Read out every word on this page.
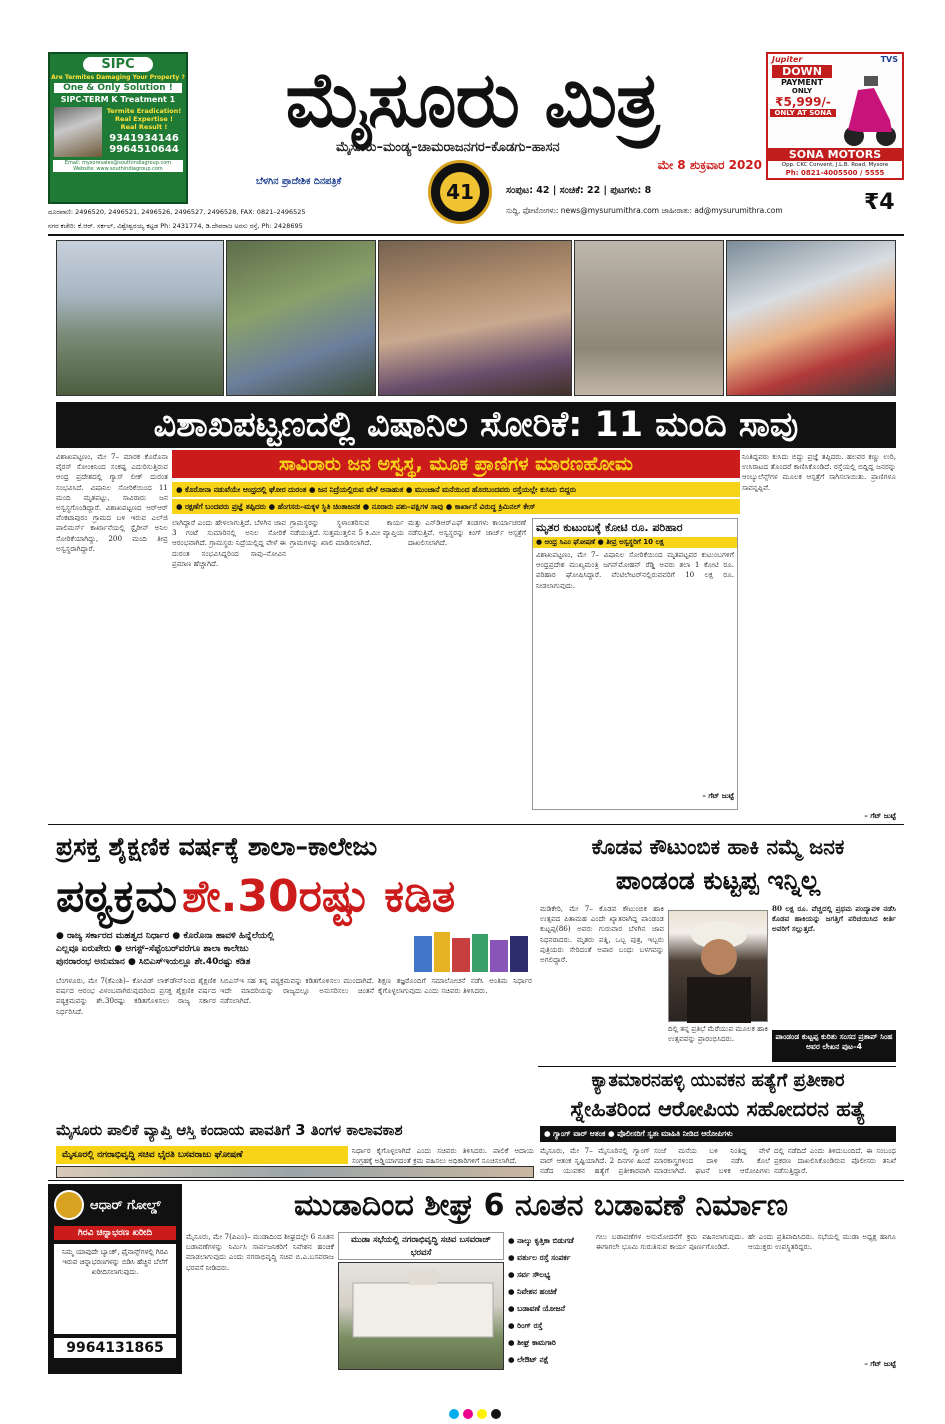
SIPC
Are Termites Damaging Your Property ?
One & Only Solution !
SIPC-TERM K Treatment 1
Termite Eradication!
Real Expertise !
Real Result !
9341934146
9964510644
Email: mysoresales@southindiagroup.com
Website: www.southindiagroup.com
ಮೈಸೂರು ಮಿತ್ರ
ಮೈಸೂರು–ಮಂಡ್ಯ–ಚಾಮರಾಜನಗರ–ಕೊಡಗು–ಹಾಸನ
ಮೇ 8 ಶುಕ್ರವಾರ 2020
ಬೆಳಗಿನ ಪ್ರಾದೇಶಿಕ ದಿನಪತ್ರಿಕೆ	41	ಸಂಪುಟ: 42 | ಸಂಚಿಕೆ: 22 | ಪುಟಗಳು: 8
ಸುದ್ದಿ, ಫೋಟೋಗಳು: news@mysurumithra.com ಜಾಹೀರಾತು: ad@mysurumithra.com	₹4
ದೂರವಾಣಿ: 2496520, 2496521, 2496526, 2496527, 2496528, FAX: 0821–2496525
ನಗರ ಕಚೇರಿ: ಕೆ.ಆರ್. ಸರ್ಕಲ್, ವಿಶ್ವೇಶ್ವರಯ್ಯ ಕಟ್ಟಡ Ph: 2431774, ಡಿ.ದೇವರಾಜ ಅರಸು ರಸ್ತೆ, Ph: 2428695
Jupiter	TVS
DOWN
PAYMENT
ONLY
₹5,999/-
ONLY AT SONA
SONA MOTORS
Opp. CKC Convent, J.L.B. Road, Mysore
Ph: 0821-4005500 / 5555
ವಿಶಾಖಪಟ್ಟಣದಲ್ಲಿ ವಿಷಾನಿಲ ಸೋರಿಕೆ: 11 ಮಂದಿ ಸಾವು
ಸಾವಿರಾರು ಜನ ಅಸ್ವಸ್ಥ, ಮೂಕ ಪ್ರಾಣಿಗಳ ಮಾರಣಹೋಮ	ನಿಂತಿದ್ದವರು ಕುಸಿದು ಬಿದ್ದು ಪ್ರಜ್ಞೆ ತಪ್ಪಿದರು. ಹಲವರ ಕಣ್ಣು ಉರಿ, ಉಸಿರಾಟದ ತೊಂದರೆ ಕಾಣಿಸಿಕೊಂಡಿದೆ. ರಸ್ತೆಯಲ್ಲಿ ಬಿದ್ದಿದ್ದ ಜನರನ್ನು ಆಂಬ್ಯುಲೆನ್ಸ್‌ಗಳ ಮೂಲಕ ಆಸ್ಪತ್ರೆಗೆ ಸಾಗಿಸಲಾಯಿತು. ಪ್ರಾಣಿಗಳೂ ಸಾವನ್ನಪ್ಪಿವೆ.
– ಗೆಟ್ ಜುಟ್ಟೆ
● ಕೊರೋನಾ ನಡುವೆಯೇ ಆಂಧ್ರದಲ್ಲಿ ಘೋರ ದುರಂತ ● ಜನ ನಿದ್ರೆಯಲ್ಲಿರುವ ವೇಳೆ ಅನಾಹುತ ● ಮುಂಜಾನೆ ಮನೆಯಿಂದ ಹೊರಬಂದವರು ರಸ್ತೆಯಲ್ಲೇ ಕುಸಿದು ಬಿದ್ದರು
● ರಕ್ಷಣೆಗೆ ಬಂದವರು ಪ್ರಜ್ಞೆ ತಪ್ಪಿದರು ● ಹೆಂಗಸರು–ಮಕ್ಕಳ ಸ್ಥಿತಿ ಚಿಂತಾಜನಕ ● ನೂರಾರು ಪಶು–ಪಕ್ಷಿಗಳ ಸಾವು ● ಕಾರ್ಖಾನೆ ವಿರುದ್ಧ ಕ್ರಿಮಿನಲ್ ಕೇಸ್
ವಿಶಾಖಪಟ್ಟಣಂ, ಮೇ 7– ಮಾರಕ ಕೊರೊನಾ ವೈರಸ್ ಸೋಂಕಿನಿಂದ ಸಂಕಷ್ಟ ಎದುರಿಸುತ್ತಿರುವ ಆಂಧ್ರ ಪ್ರದೇಶದಲ್ಲಿ ಗ್ಯಾಸ್ ಲೀಕ್ ದುರಂತ ಸಂಭವಿಸಿದೆ. ವಿಷಾನಿಲ ಸೋರಿಕೆಯಿಂದ 11 ಮಂದಿ ಮೃತಪಟ್ಟು, ಸಾವಿರಾರು ಜನ ಅಸ್ವಸ್ಥಗೊಂಡಿದ್ದಾರೆ. ವಿಶಾಖಪಟ್ಟಣದ ಆರ್‌ಆರ್ ವೆಂಕಟಾಪುರಂ ಗ್ರಾಮದ ಬಳಿ ಇರುವ ಎಲ್‌ಜಿ ಪಾಲಿಮರ್ಸ್ ಕಾರ್ಖಾನೆಯಲ್ಲಿ ಸ್ಟೈರೀನ್ ಅನಿಲ ಸೋರಿಕೆಯಾಗಿದ್ದು, 200 ಮಂದಿ ತೀವ್ರ ಅಸ್ವಸ್ಥರಾಗಿದ್ದಾರೆ.
ಲಾಗಿದ್ದಾರೆ ಎಂದು ಹೇಳಲಾಗುತ್ತಿದೆ. ಬೆಳಗಿನ ಜಾವ 3 ಗಂಟೆ ಸುಮಾರಿನಲ್ಲಿ ಅನಿಲ ಸೋರಿಕೆ ಆರಂಭವಾಗಿದೆ. ಗ್ರಾಮಸ್ಥರು ನಿದ್ರೆಯಲ್ಲಿದ್ದ ವೇಳೆ ಈ ದುರಂತ ಸಂಭವಿಸಿದ್ದರಿಂದ ಸಾವು–ನೋವಿನ ಪ್ರಮಾಣ ಹೆಚ್ಚಾಗಿದೆ.
ಗ್ರಾಮಸ್ಥರನ್ನು ಸ್ಥಳಾಂತರಿಸುವ ಕಾರ್ಯ ನಡೆಯುತ್ತಿದೆ. ಸುತ್ತಮುತ್ತಲಿನ 5 ಕಿ.ಮೀ ವ್ಯಾಪ್ತಿಯ ಗ್ರಾಮಗಳನ್ನು ಖಾಲಿ ಮಾಡಿಸಲಾಗಿದೆ.
ಮತ್ತು ಎನ್‌ಡಿಆರ್‌ಎಫ್ ತಂಡಗಳು ಕಾರ್ಯಾಚರಣೆ ನಡೆಸುತ್ತಿವೆ. ಅಸ್ವಸ್ಥರನ್ನು ಕಿಂಗ್ ಜಾರ್ಜ್ ಆಸ್ಪತ್ರೆಗೆ ದಾಖಲಿಸಲಾಗಿದೆ.
ಮೃತರ ಕುಟುಂಬಕ್ಕೆ ಕೋಟಿ ರೂ. ಪರಿಹಾರ
● ಆಂಧ್ರ ಸಿಎಂ ಘೋಷಣೆ ● ತೀವ್ರ ಅಸ್ವಸ್ಥರಿಗೆ 10 ಲಕ್ಷ
ವಿಶಾಖಪಟ್ಟಣಂ, ಮೇ 7– ವಿಷಾನಿಲ ಸೋರಿಕೆಯಿಂದ ಮೃತಪಟ್ಟವರ ಕುಟುಂಬಗಳಿಗೆ ಆಂಧ್ರಪ್ರದೇಶ ಮುಖ್ಯಮಂತ್ರಿ ಜಗನ್‌ಮೋಹನ್ ರೆಡ್ಡಿ ಅವರು ತಲಾ 1 ಕೋಟಿ ರೂ. ಪರಿಹಾರ ಘೋಷಿಸಿದ್ದಾರೆ. ವೆಂಟಿಲೇಟರ್‌ನಲ್ಲಿರುವವರಿಗೆ 10 ಲಕ್ಷ ರೂ. ನೀಡಲಾಗುವುದು.
– ಗೆಟ್ ಜುಟ್ಟೆ
ಪ್ರಸಕ್ತ ಶೈಕ್ಷಣಿಕ ವರ್ಷಕ್ಕೆ ಶಾಲಾ–ಕಾಲೇಜು
ಪಠ್ಯಕ್ರಮ ಶೇ.30ರಷ್ಟು ಕಡಿತ
● ರಾಜ್ಯ ಸರ್ಕಾರದ ಮಹತ್ವದ ನಿರ್ಧಾರ ● ಕೊರೊನಾ ಹಾವಳಿ ಹಿನ್ನೆಲೆಯಲ್ಲಿ
ಎಲ್ಲವೂ ಏರುಪೇರು ● ಆಗಸ್ಟ್–ಸೆಪ್ಟೆಂಬರ್‌ವರೆಗೂ ಶಾಲಾ ಕಾಲೇಜು
ಪುನರಾರಂಭ ಅನುಮಾನ ● ಸಿಬಿಎಸ್‌ಇಯಲ್ಲೂ ಶೇ.40ರಷ್ಟು ಕಡಿತ
ಬೆಂಗಳೂರು, ಮೇ 7(ಕೆಎಂಶಿ)– ಕೋವಿಡ್ ಲಾಕ್‌ಡೌನ್‌ನಿಂದ ಶೈಕ್ಷಣಿಕ ವರ್ಷದ ಆರಂಭ ವಿಳಂಬವಾಗಿರುವುದರಿಂದ ಪ್ರಸಕ್ತ ಶೈಕ್ಷಣಿಕ ವರ್ಷದ ಪಠ್ಯಕ್ರಮವನ್ನು ಶೇ.30ರಷ್ಟು ಕಡಿತಗೊಳಿಸಲು ರಾಜ್ಯ ಸರ್ಕಾರ ನಿರ್ಧರಿಸಿದೆ.
ಸಿಬಿಎಸ್‌ಇ ಸಹ ತನ್ನ ಪಠ್ಯಕ್ರಮವನ್ನು ಕಡಿತಗೊಳಿಸಲು ಮುಂದಾಗಿದೆ. ಇದೇ ಮಾದರಿಯನ್ನು ರಾಜ್ಯದಲ್ಲೂ ಅನುಸರಿಸಲು ಚಿಂತನೆ ನಡೆಸಲಾಗಿದೆ.
ಶಿಕ್ಷಣ ತಜ್ಞರೊಂದಿಗೆ ಸಮಾಲೋಚನೆ ನಡೆಸಿ ಅಂತಿಮ ನಿರ್ಧಾರ ಕೈಗೊಳ್ಳಲಾಗುವುದು ಎಂದು ಸಚಿವರು ತಿಳಿಸಿದರು.
ಕೊಡವ ಕೌಟುಂಬಿಕ ಹಾಕಿ ನಮ್ಮೆ ಜನಕ
ಪಾಂಡಂಡ ಕುಟ್ಟಪ್ಪ ಇನ್ನಿಲ್ಲ
ಮಡಿಕೇರಿ, ಮೇ 7– ಕೊಡವ ಕೌಟುಂಬಿಕ ಹಾಕಿ ಉತ್ಸವದ ಪಿತಾಮಹ ಎಂದೇ ಖ್ಯಾತರಾಗಿದ್ದ ಪಾಂಡಂಡ ಕುಟ್ಟಪ್ಪ(86) ಅವರು ಗುರುವಾರ ಬೆಳಗಿನ ಜಾವ ನಿಧನರಾದರು. ಮೃತರು ಪತ್ನಿ, ಒಬ್ಬ ಪುತ್ರ, ಇಬ್ಬರು ಪುತ್ರಿಯರು ಸೇರಿದಂತೆ ಅಪಾರ ಬಂಧು ಬಳಗವನ್ನು ಅಗಲಿದ್ದಾರೆ.
80 ಲಕ್ಷ ರೂ. ವೆಚ್ಚದಲ್ಲಿ ಪ್ರಥಮ ಪಂದ್ಯಾವಳಿ ನಡೆಸಿ ಕೊಡವ ಹಾಕಿಯನ್ನು ಜಗತ್ತಿಗೆ ಪರಿಚಯಿಸಿದ ಕೀರ್ತಿ ಅವರಿಗೆ ಸಲ್ಲುತ್ತದೆ.
ದಿಲ್ಲಿ ತನ್ನ ಪ್ರತಿಭೆ ಮೆರೆಯುವ ಮೂಲಕ ಹಾಕಿ ಉತ್ಸವವನ್ನು ಪ್ರಾರಂಭಿಸಿದರು.	ಪಾಂಡಂಡ ಕುಟ್ಟಪ್ಪ ಕುರಿತು ಸಂಸದ ಪ್ರತಾಪ್ ಸಿಂಹ ಅವರ ಲೇಖನ ಪುಟ–4
ಕ್ಯಾತಮಾರನಹಳ್ಳಿ ಯುವಕನ ಹತ್ಯೆಗೆ ಪ್ರತೀಕಾರ
ಸ್ನೇಹಿತರಿಂದ ಆರೋಪಿಯ ಸಹೋದರನ ಹತ್ಯೆ
● ಗ್ಯಾಂಗ್ ವಾರ್ ಆತಂಕ ● ಪೊಲೀಸರಿಗೆ ಸ್ವತಃ ಮಾಹಿತಿ ನೀಡಿದ ಆರೋಪಿಗಳು
ಮೈಸೂರು, ಮೇ 7– ಮೈಸೂರಿನಲ್ಲಿ ಗ್ಯಾಂಗ್ ವಾರ್ ಆತಂಕ ಸೃಷ್ಟಿಯಾಗಿದೆ. 2 ದಿನಗಳ ಹಿಂದೆ ನಡೆದ ಯುವಕನ ಹತ್ಯೆಗೆ ಪ್ರತೀಕಾರವಾಗಿ
ಸಂಜೆ ಮನೆಯ ಬಳಿ ನಿಂತಿದ್ದ ವೇಳೆ ಮಾರಕಾಸ್ತ್ರಗಳಿಂದ ದಾಳಿ ನಡೆಸಿ ಕೊಲೆ ಮಾಡಲಾಗಿದೆ. ಘಟನೆ ಬಳಿಕ ಆರೋಪಿಗಳು
ದಲ್ಲಿ ನಡೆದಿದೆ ಎಂದು ತಿಳಿದುಬಂದಿದೆ. ಈ ಸಂಬಂಧ ಪ್ರಕರಣ ದಾಖಲಿಸಿಕೊಂಡಿರುವ ಪೊಲೀಸರು ತನಿಖೆ ನಡೆಸುತ್ತಿದ್ದಾರೆ.
ಮೈಸೂರು ಪಾಲಿಕೆ ವ್ಯಾಪ್ತಿ ಆಸ್ತಿ ಕಂದಾಯ ಪಾವತಿಗೆ 3 ತಿಂಗಳ ಕಾಲಾವಕಾಶ
ಮೈಸೂರಲ್ಲಿ ನಗರಾಭಿವೃದ್ಧಿ ಸಚಿವ ಭೈರತಿ ಬಸವರಾಜು ಘೋಷಣೆ	ನಿರ್ಧಾರ ಕೈಗೊಳ್ಳಲಾಗಿದೆ ಎಂದು ಸಚಿವರು ತಿಳಿಸಿದರು. ಪಾಲಿಕೆ ಆದಾಯ ಸಂಗ್ರಹಕ್ಕೆ ಅಡ್ಡಿಯಾಗದಂತೆ ಕ್ರಮ ವಹಿಸಲು ಅಧಿಕಾರಿಗಳಿಗೆ ಸೂಚಿಸಲಾಗಿದೆ.
ಮುಡಾದಿಂದ ಶೀಘ್ರ 6 ನೂತನ ಬಡಾವಣೆ ನಿರ್ಮಾಣ
ಮೈಸೂರು, ಮೇ 7(ಪಿಎಂ)– ಮುಡಾದಿಂದ ಶೀಘ್ರದಲ್ಲೇ 6 ನೂತನ ಬಡಾವಣೆಗಳನ್ನು ನಿರ್ಮಿಸಿ ಸಾರ್ವಜನಿಕರಿಗೆ ನಿವೇಶನ ಹಂಚಿಕೆ ಮಾಡಲಾಗುವುದು ಎಂದು ನಗರಾಭಿವೃದ್ಧಿ ಸಚಿವ ಬಿ.ಎ.ಬಸವರಾಜ ಭರವಸೆ ನೀಡಿದರು.
ಮುಡಾ ಸಭೆಯಲ್ಲಿ ನಗರಾಭಿವೃದ್ಧಿ ಸಚಿವ ಬಸವರಾಜ್ ಭರವಸೆ
● ನಾಲ್ಕು ಕೃತ್ತಿಕಾ ಬಿಡುಗಡೆ
● ವರ್ತುಲ ರಸ್ತೆ ಸಂಪರ್ಕ
● ಸರ್ವ ಸೌಲಭ್ಯ
● ನಿವೇಶನ ಹಂಚಿಕೆ
● ಬಡಾವಣೆ ಯೋಜನೆ
● ರಿಂಗ್ ರಸ್ತೆ
● ಶೀಘ್ರ ಕಾಮಗಾರಿ
● ಲೇಔಟ್ ನಕ್ಷೆ
ಗಲು ಬಡಾವಣೆಗಳ ಅನುಮೋದನೆಗೆ ಕ್ರಮ ವಹಿಸಲಾಗುವುದು. ಈಗಾಗಲೇ ಭೂಮಿ ಗುರುತಿಸುವ ಕಾರ್ಯ ಪೂರ್ಣಗೊಂಡಿದೆ.
ಹೇ ಎಂದು ಪ್ರತಿಪಾದಿಸಿದರು. ಸಭೆಯಲ್ಲಿ ಮುಡಾ ಅಧ್ಯಕ್ಷ ಹಾಗೂ ಆಯುಕ್ತರು ಉಪಸ್ಥಿತರಿದ್ದರು.
– ಗೆಟ್ ಜುಟ್ಟೆ
ಆಧಾರ್ ಗೋಲ್ಡ್
ಗಿರವಿ ಚಿನ್ನಾಭರಣ ಖರೀದಿ
ನಿಮ್ಮ ಯಾವುದೇ ಬ್ಯಾಂಕ್, ಫೈನಾನ್ಸ್‌ಗಳಲ್ಲಿ ಗಿರವಿ ಇರುವ ಚಿನ್ನಾಭರಣಗಳನ್ನು ಬಿಡಿಸಿ ಹೆಚ್ಚಿನ ಬೆಲೆಗೆ ಖರೀದಿಸಲಾಗುವುದು.
9964131865
